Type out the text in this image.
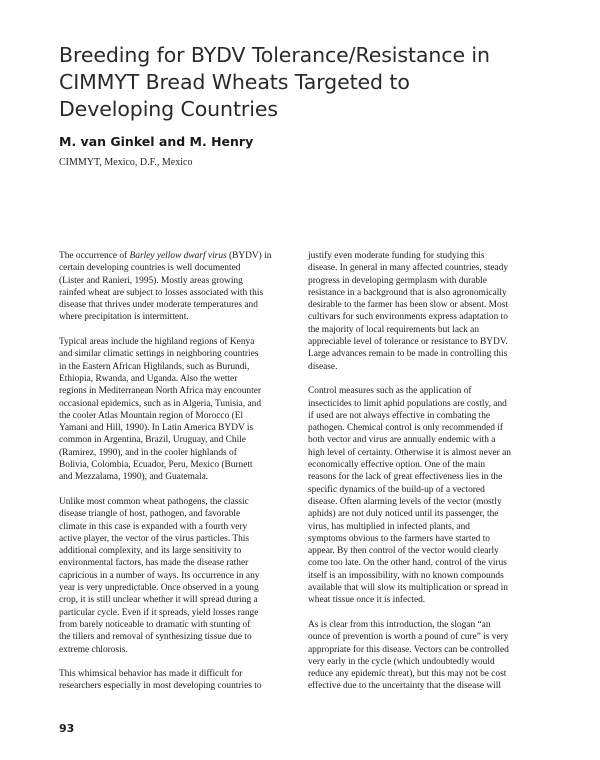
Breeding for BYDV Tolerance/Resistance in
CIMMYT Bread Wheats Targeted to
Developing Countries

M. van Ginkel and M. Henry

CIMMYT, Mexico, D.F., Mexico

The occurrence of Barley yellow dwarf virus (BYDV) in
certain developing countries is well documented
(Lister and Ranieri, 1995). Mostly areas growing
rainfed wheat are subject to losses associated with this
disease that thrives under moderate temperatures and
where precipitation is intermittent.

Typical areas include the highland regions of Kenya
and similar climatic settings in neighboring countries
in the Eastern African Highlands, such as Burundi,
Ethiopia, Rwanda, and Uganda. Also the wetter
regions in Mediterranean North Africa may encounter
occasional epidemics, such as in Algeria, Tunisia, and
the cooler Atlas Mountain region of Morocco (El
Yamani and Hill, 1990). In Latin America BYDV is
common in Argentina, Brazil, Uruguay, and Chile
(Ramirez, 1990), and in the cooler highlands of
Bolivia, Colombia, Ecuador, Peru, Mexico (Burnett
and Mezzalama, 1990), and Guatemala.

Unlike most common wheat pathogens, the classic
disease triangle of host, pathogen, and favorable
climate in this case is expanded with a fourth very
active player, the vector of the virus particles. This
additional complexity, and its large sensitivity to
environmental factors, has made the disease rather
capricious in a number of ways. Its occurrence in any
year is very unpredictable. Once observed in a young
crop, it is still unclear whether it will spread during a
particular cycle. Even if it spreads, yield losses range
from barely noticeable to dramatic with stunting of
the tillers and removal of synthesizing tissue due to
extreme chlorosis.

This whimsical behavior has made it difficult for
researchers especially in most developing countries to

justify even moderate funding for studying this
disease. In general in many affected countries, steady
progress in developing germplasm with durable
resistance in a background that is also agronomically
desirable to the farmer has been slow or absent. Most
cultivars for such environments express adaptation to
the majority of local requirements but lack an
appreciable level of tolerance or resistance to BYDV.
Large advances remain to be made in controlling this
disease.

Control measures such as the application of
insecticides to limit aphid populations are costly, and
if used are not always effective in combating the
pathogen. Chemical control is only recommended if
both vector and virus are annually endemic with a
high level of certainty. Otherwise it is almost never an
economically effective option. One of the main
reasons for the lack of great effectiveness lies in the
specific dynamics of the build-up of a vectored
disease. Often alarming levels of the vector (mostly
aphids) are not duly noticed until its passenger, the
virus, has multiplied in infected plants, and
symptoms obvious to the farmers have started to
appear. By then control of the vector would clearly
come too late. On the other hand, control of the virus
itself is an impossibility, with no known compounds
available that will slow its multiplication or spread in
wheat tissue once it is infected.

As is clear from this introduction, the slogan “an
ounce of prevention is worth a pound of cure” is very
appropriate for this disease. Vectors can be controlled
very early in the cycle (which undoubtedly would
reduce any epidemic threat), but this may not be cost
effective due to the uncertainty that the disease will

93
